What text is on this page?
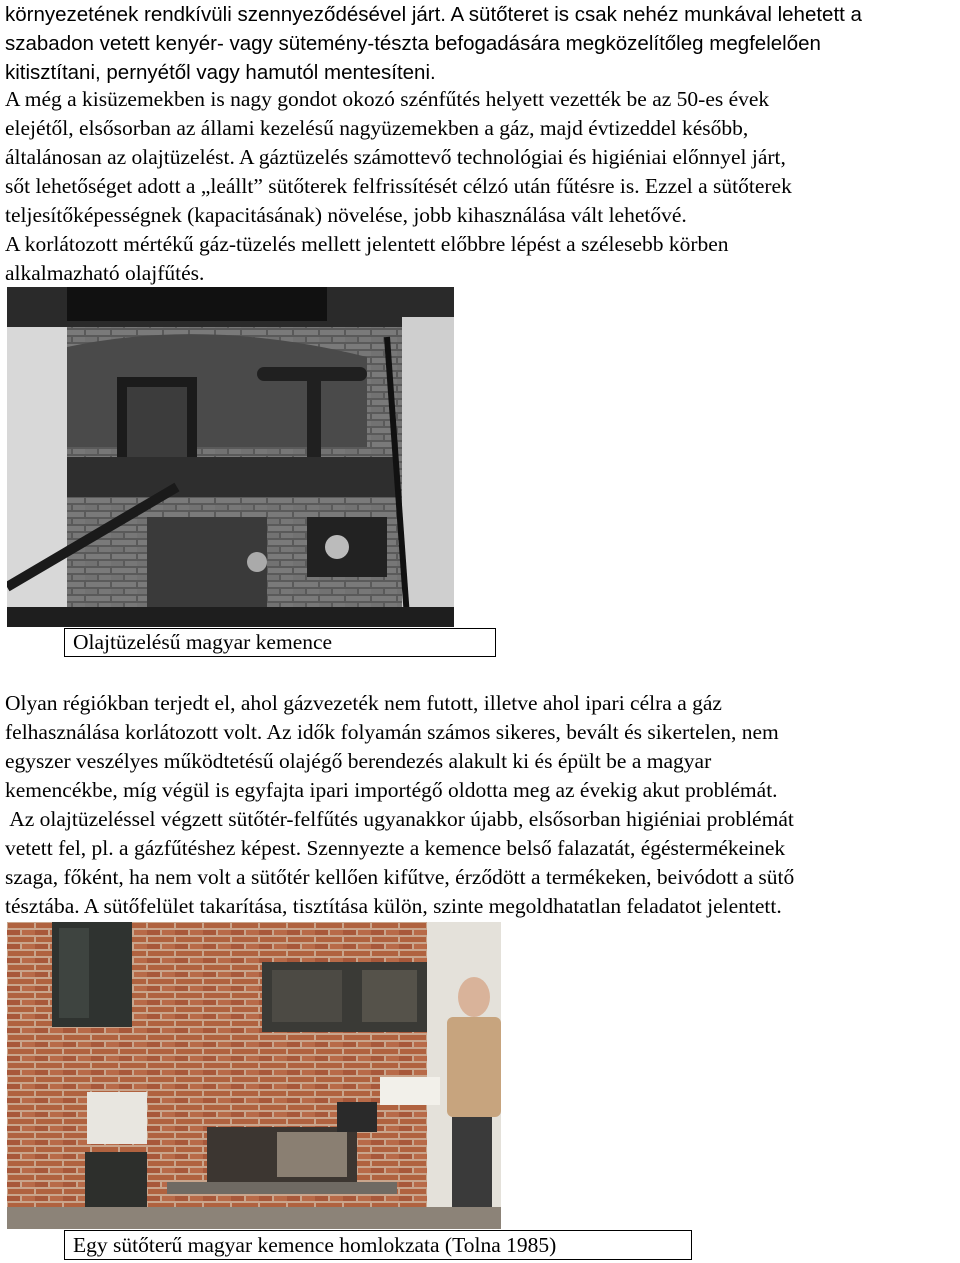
környezetének rendkívüli szennyeződésével járt. A sütőteret is csak nehéz munkával lehetett a
szabadon vetett kenyér- vagy sütemény-tészta befogadására megközelítőleg megfelelően
kitisztítani, pernyétől vagy hamutól mentesíteni.
A még a kisüzemekben is nagy gondot okozó szénfűtés helyett vezették be az 50-es évek
elejétől, elsősorban az állami kezelésű nagyüzemekben a gáz, majd évtizeddel később,
általánosan az olajtüzelést. A gáztüzelés számottevő technológiai és higiéniai előnnyel járt,
sőt lehetőséget adott a „leállt” sütőterek felfrissítését célzó után fűtésre is. Ezzel a sütőterek
teljesítőképességnek (kapacitásának) növelése, jobb kihasználása vált lehetővé.
A korlátozott mértékű gáz-tüzelés mellett jelentett előbbre lépést a szélesebb körben
alkalmazható olajfűtés.
Olajtüzelésű magyar kemence
Olyan régiókban terjedt el, ahol gázvezeték nem futott, illetve ahol ipari célra a gáz
felhasználása korlátozott volt. Az idők folyamán számos sikeres, bevált és sikertelen, nem
egyszer veszélyes működtetésű olajégő berendezés alakult ki és épült be a magyar
kemencékbe, míg végül is egyfajta ipari importégő oldotta meg az évekig akut problémát.
Az olajtüzeléssel végzett sütőtér-felfűtés ugyanakkor újabb, elsősorban higiéniai problémát
vetett fel, pl. a gázfűtéshez képest. Szennyezte a kemence belső falazatát, égéstermékeinek
szaga, főként, ha nem volt a sütőtér kellően kifűtve, érződött a termékeken, beivódott a sütő
tésztába. A sütőfelület takarítása, tisztítása külön, szinte megoldhatatlan feladatot jelentett.
Egy sütőterű magyar kemence homlokzata (Tolna 1985)
